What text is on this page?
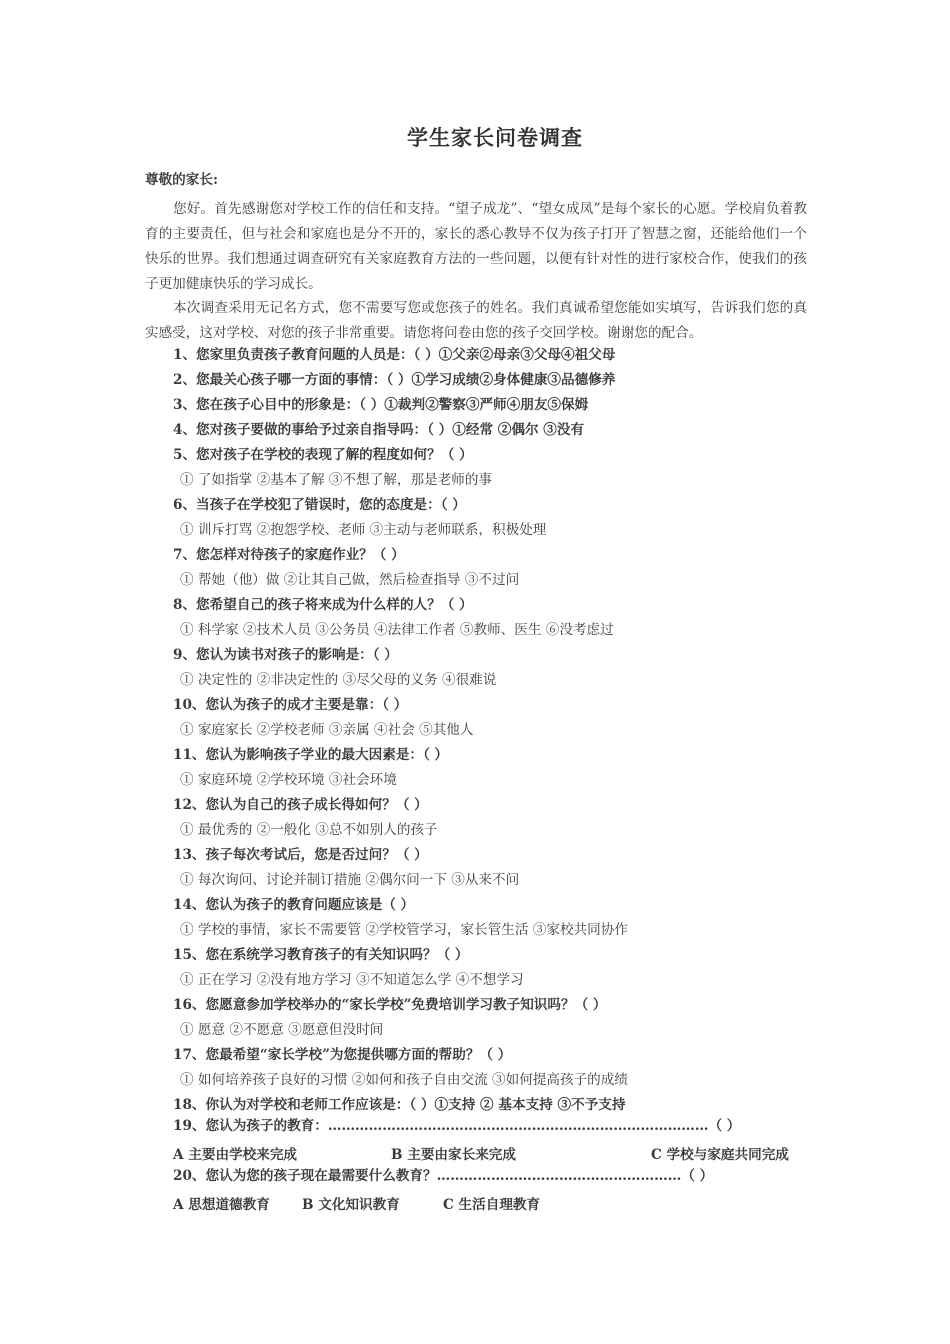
学生家长问卷调查
尊敬的家长:
您好。首先感谢您对学校工作的信任和支持。“望子成龙”、“望女成凤”是每个家长的心愿。学校肩负着教育的主要责任，但与社会和家庭也是分不开的，家长的悉心教导不仅为孩子打开了智慧之窗，还能给他们一个快乐的世界。我们想通过调查研究有关家庭教育方法的一些问题，以便有针对性的进行家校合作，使我们的孩子更加健康快乐的学习成长。
本次调查采用无记名方式，您不需要写您或您孩子的姓名。我们真诚希望您能如实填写，告诉我们您的真实感受，这对学校、对您的孩子非常重要。请您将问卷由您的孩子交回学校。谢谢您的配合。
1、您家里负责孩子教育问题的人员是：（ ）①父亲②母亲③父母④祖父母
2、您最关心孩子哪一方面的事情：（ ）①学习成绩②身体健康③品德修养
3、您在孩子心目中的形象是：（ ）①裁判②警察③严师④朋友⑤保姆
4、您对孩子要做的事给予过亲自指导吗：（ ）①经常 ②偶尔 ③没有
5、您对孩子在学校的表现了解的程度如何？（ ）
① 了如指掌 ②基本了解 ③不想了解，那是老师的事
6、当孩子在学校犯了错误时，您的态度是：（ ）
① 训斥打骂 ②抱怨学校、老师 ③主动与老师联系，积极处理
7、您怎样对待孩子的家庭作业？（ ）
① 帮她（他）做 ②让其自己做，然后检查指导 ③不过问
8、您希望自己的孩子将来成为什么样的人？（ ）
① 科学家 ②技术人员 ③公务员 ④法律工作者 ⑤教师、医生 ⑥没考虑过
9、您认为读书对孩子的影响是：（ ）
① 决定性的 ②非决定性的 ③尽父母的义务 ④很难说
10、您认为孩子的成才主要是靠：（ ）
① 家庭家长 ②学校老师 ③亲属 ④社会 ⑤其他人
11、您认为影响孩子学业的最大因素是：（ ）
① 家庭环境 ②学校环境 ③社会环境
12、您认为自己的孩子成长得如何？（ ）
① 最优秀的 ②一般化 ③总不如别人的孩子
13、孩子每次考试后，您是否过问？（ ）
① 每次询问、讨论并制订措施 ②偶尔问一下 ③从来不问
14、您认为孩子的教育问题应该是（ ）
① 学校的事情，家长不需要管 ②学校管学习，家长管生活 ③家校共同协作
15、您在系统学习教育孩子的有关知识吗？（ ）
① 正在学习 ②没有地方学习 ③不知道怎么学 ④不想学习
16、您愿意参加学校举办的“家长学校”免费培训学习教子知识吗？（ ）
① 愿意 ②不愿意 ③愿意但没时间
17、您最希望“家长学校”为您提供哪方面的帮助？（ ）
① 如何培养孩子良好的习惯 ②如何和孩子自由交流 ③如何提高孩子的成绩
18、你认为对学校和老师工作应该是：（ ）①支持 ② 基本支持 ③不予支持
19、您认为孩子的教育：…………………………………………………………………………（ ）
A 主要由学校来完成	B 主要由家长来完成	C 学校与家庭共同完成
20、您认为您的孩子现在最需要什么教育？………………………………………………（ ）
A 思想道德教育 B 文化知识教育	C 生活自理教育
